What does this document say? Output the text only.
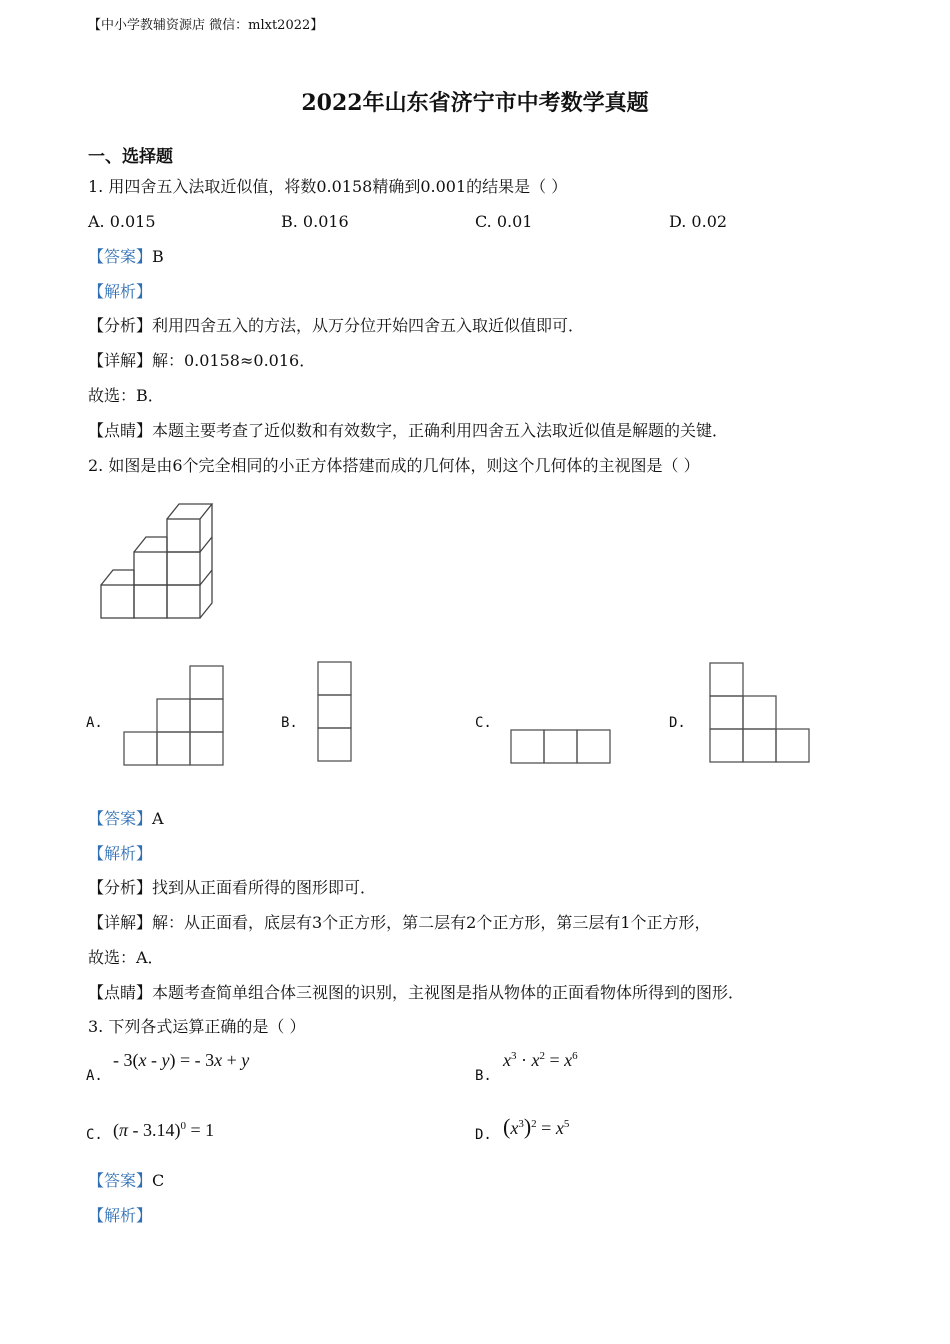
【中小学教辅资源店 微信：mlxt2022】
2022年山东省济宁市中考数学真题
一、选择题
1. 用四舍五入法取近似值，将数0.0158精确到0.001的结果是（ ）
A. 0.015	B. 0.016	C. 0.01	D. 0.02
【答案】B
【解析】
【分析】利用四舍五入的方法，从万分位开始四舍五入取近似值即可．
【详解】解：0.0158≈0.016．
故选：B．
【点睛】本题主要考查了近似数和有效数字，正确利用四舍五入法取近似值是解题的关键．
2. 如图是由6个完全相同的小正方体搭建而成的几何体，则这个几何体的主视图是（ ）
A.	B.	C.	D.
【答案】A
【解析】
【分析】找到从正面看所得的图形即可．
【详解】解：从正面看，底层有3个正方形，第二层有2个正方形，第三层有1个正方形，
故选：A．
【点睛】本题考查简单组合体三视图的识别，主视图是指从物体的正面看物体所得到的图形．
3. 下列各式运算正确的是（ ）
A.
- 3(x - y) = - 3x + y
B.
$x^3 \cdot x^2 = x^6$
C. (π - 3.14)$^0$ = 1	D. $(x^3)^2 = x^5$
【答案】C
【解析】
